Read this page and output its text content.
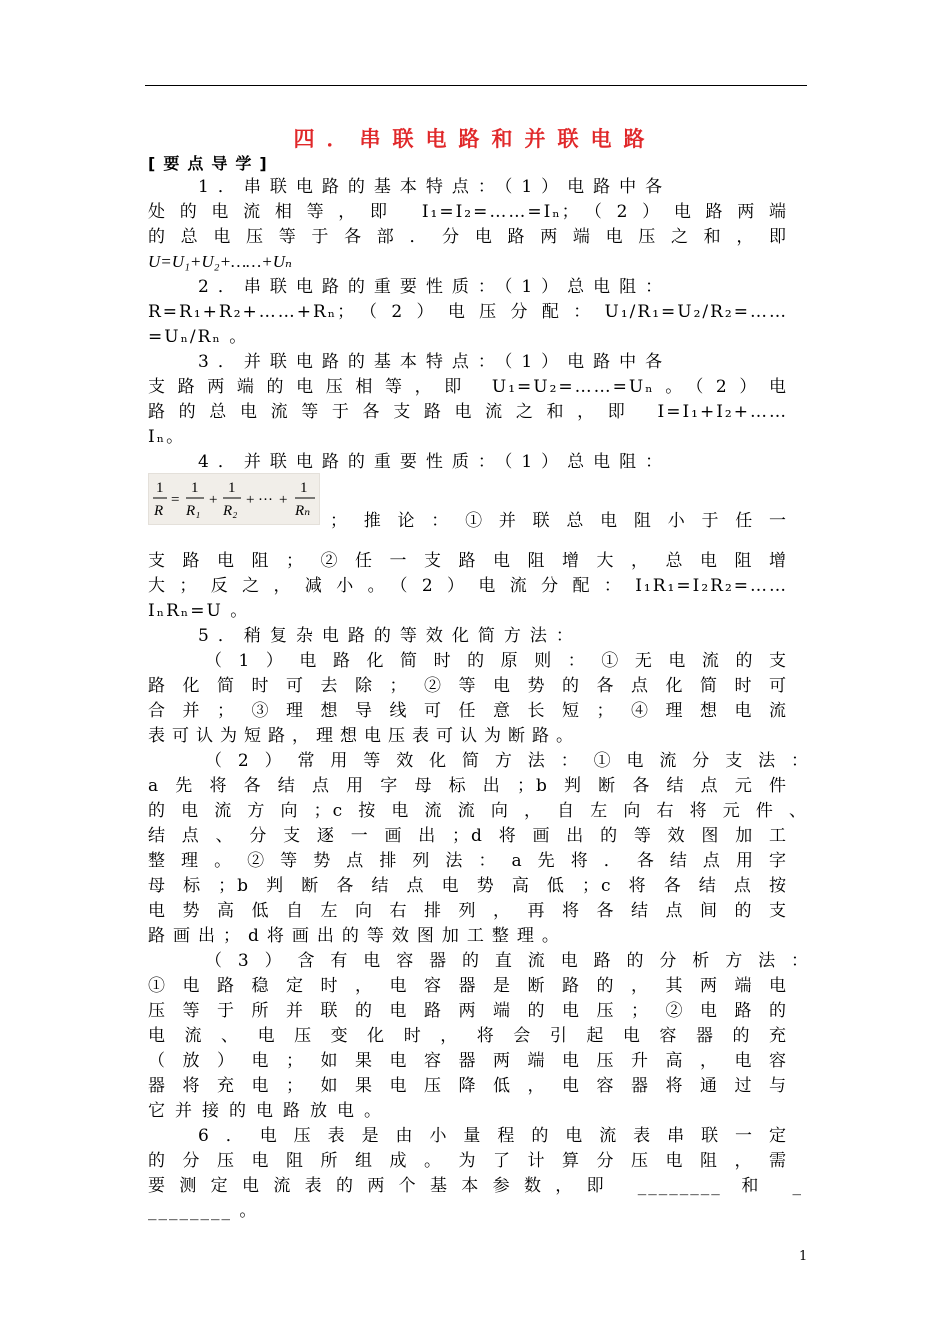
四．串联电路和并联电路
[要点导学]
1．串联电路的基本特点：（1）电路中各
处的电流相等，即 I₁=I₂=……=Iₙ；（2）电路两端
的总电压等于各部．分电路两端电压之和，即
U=U₁+U₂+……+Uₙ
2．串联电路的重要性质：（1）总电阻：
R=R₁+R₂+……+Rₙ；（2）电压分配：U₁/R₁=U₂/R₂=……
=Uₙ/Rₙ 。
3．并联电路的基本特点：（1）电路中各
支路两端的电压相等，即 U₁=U₂=……=Uₙ。（2）电
路的总电流等于各支路电流之和，即 I=I₁+I₂+……
Iₙ。
4．并联电路的重要性质：（1）总电阻：
1
R
=
1
R₁
+
1
R₂
+ ··· +
1
Rₙ ；推论：①并联总电阻小于任一
支路电阻；②任一支路电阻增大，总电阻增
大；反之，减小。（2）电流分配：I₁R₁=I₂R₂=……
IₙRₙ=U 。
5．稍复杂电路的等效化简方法：
（1）电路化简时的原则：①无电流的支
路化简时可去除；②等电势的各点化简时可
合并；③理想导线可任意长短；④理想电流
表可认为短路，理想电压表可认为断路。
（2）常用等效化简方法：①电流分支法：
a先将各结点用字母标出；b判断各结点元件
的电流方向；c按电流流向，自左向右将元件、
结点、分支逐一画出；d将画出的等效图加工
整理。②等势点排列法：a先将．各结点用字
母标；b判断各结点电势高低；c将各结点按
电势高低自左向右排列，再将各结点间的支
路画出；d将画出的等效图加工整理。
（3）含有电容器的直流电路的分析方法：
①电路稳定时，电容器是断路的，其两端电
压等于所并联的电路两端的电压；②电路的
电流、电压变化时，将会引起电容器的充
（放）电；如果电容器两端电压升高，电容
器将充电；如果电压降低，电容器将通过与
它并接的电路放电。
6．电压表是由小量程的电流表串联一定
的分压电阻所组成。为了计算分压电阻，需
要测定电流表的两个基本参数，即 ________ 和 _
________ 。
1
